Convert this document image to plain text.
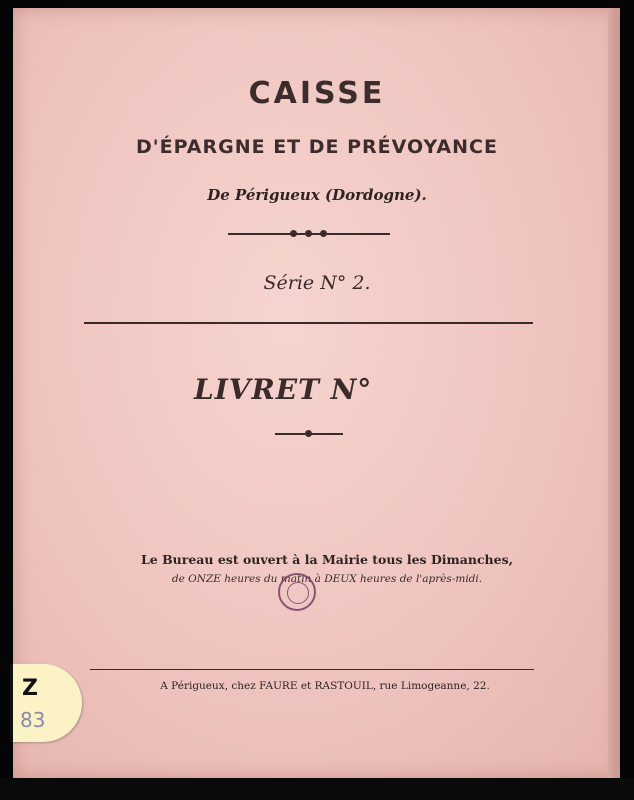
CAISSE
D'ÉPARGNE ET DE PRÉVOYANCE
De Périgueux (Dordogne).
Série N° 2.
LIVRET N°
Le Bureau est ouvert à la Mairie tous les Dimanches,
de ONZE heures du matin à DEUX heures de l'après-midi.
A Périgueux, chez FAURE et RASTOUIL, rue Limogeanne, 22.
Z
83
